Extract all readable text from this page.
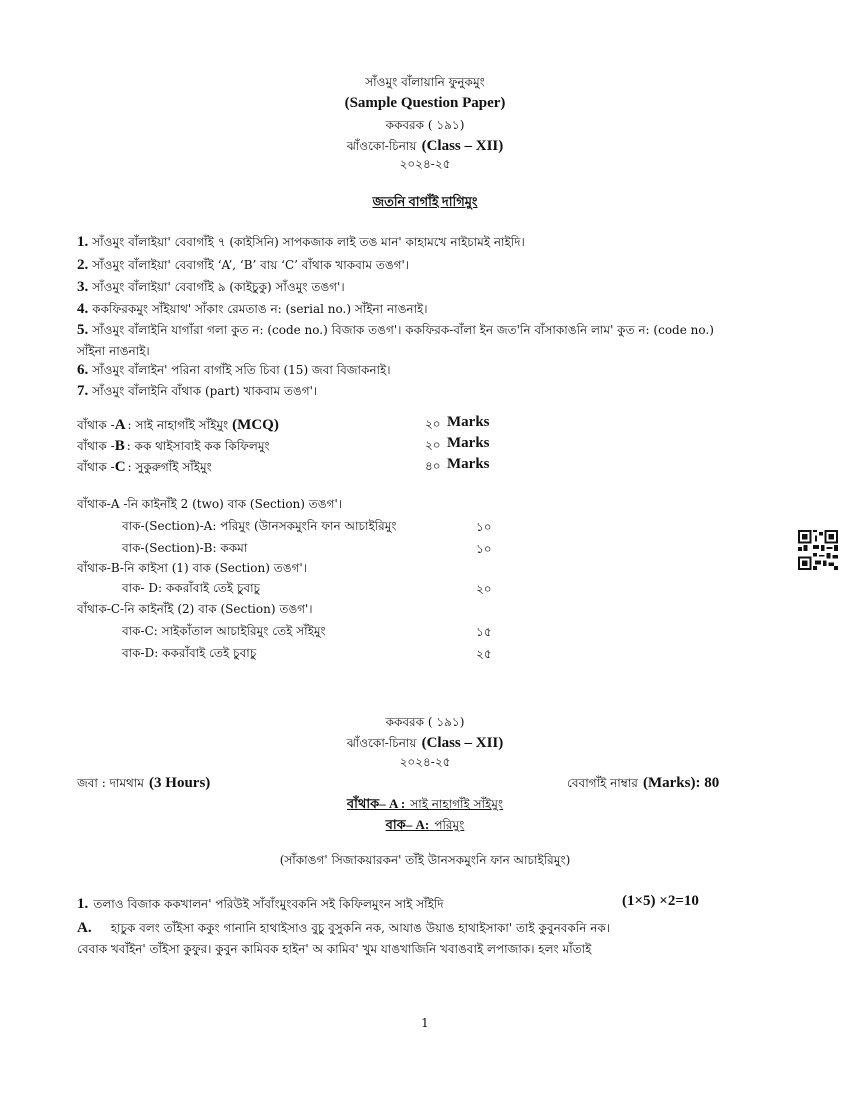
সাঁওমুং বাঁলায়ানি ফুনুকমুং
(Sample Question Paper)
ককবরক ( ১৯১)
ঝাঁওকো-চিনায় (Class – XII)
২০২৪-২৫
জতনি বাগাঁই দাগিমুং
1. সাঁওমুং বাঁলাইয়া' বেবাগাঁই ৭ (কাইসিনি) সাপকজাক লাই তঙ মান' কাহামখে নাইচামই নাইদি।
2. সাঁওমুং বাঁলাইয়া' বেবাগাঁই ‘A’, ‘B’ বায় ‘C’ বাঁথাক খাকবাম তঙগ'।
3. সাঁওমুং বাঁলাইয়া' বেবাগাঁই ৯ (কাইচুকু) সাঁওমুং তঙগ'।
4. ককফিরকমুং সাঁইয়াথ' সাঁকাং রেমতাঙ ন: (serial no.) সাঁইনা নাঙনাই।
5. সাঁওমুং বাঁলাইনি যাগাঁরা গলা কুত ন: (code no.) বিজাক তঙগ'। ককফিরক-বাঁলা ইন জত'নি বাঁসাকাঙনি লাম' কুত ন: (code no.)
সাঁইনা নাঙনাই।
6. সাঁওমুং বাঁলাইন' পরিনা বাগাঁই সতি চিবা (15) জবা বিজাকনাই।
7. সাঁওমুং বাঁলাইনি বাঁথাক (part) খাকবাম তঙগ'।
বাঁথাক -A : সাই নাহাগাঁই সাঁইমুং (MCQ)	২০ Marks
বাঁথাক -B : কক থাইসাবাই কক কিফিলমুং	২০ Marks
বাঁথাক -C : সুকুরুগাঁই সাঁইমুং	৪০ Marks
বাঁথাক-A -নি কাইনাঁই 2 (two) বাক (Section) তঙগ'।
বাক-(Section)-A: পরিমুং (উানসকমুংনি ফান আচাইরিমুং	১০
বাক-(Section)-B: ককমা	১০
বাঁথাক-B-নি কাইসা (1) বাক (Section) তঙগ'।
বাক- D: ককরাঁবাই তেই চুবাচু	২০
বাঁথাক-C-নি কাইনাঁই (2) বাক (Section) তঙগ'।
বাক-C: সাইকাঁতাল আচাইরিমুং তেই সাঁইমুং	১৫
বাক-D: ককরাঁবাই তেই চুবাচু	২৫
ককবরক ( ১৯১)
ঝাঁওকো-চিনায় (Class – XII)
২০২৪-২৫
জবা : দামথাম (3 Hours)	বেবাগাঁই নাম্বার (Marks): 80
বাঁথাক– A : সাই নাহাগাঁই সাঁইমুং
বাক– A: পরিমুং
(সাঁকাঙগ' সিজাকয়ারকন' তাঁই উানসকমুংনি ফান আচাইরিমুং)
1. তলাও বিজাক ককখালন' পরিউই সাঁবাঁংমুংবকনি সই কিফিলমুংন সাই সাঁইদি	(1×5) ×2=10
A. হাচুক বলং তাঁইসা ককুং গানানি হাথাইসাও বুচু বুসুকনি নক, আযাঙ উয়াঙ হাথাইসাকা' তাই কুবুনবকনি নক।
বেবাক খবাঁইন' তাঁইসা কুফুর। কুবুন কামিবক হাইন' অ কামিব' খুম যাঙখাজিনি খবাঙবাই লপাজাক। হলং মাঁতাই
1
